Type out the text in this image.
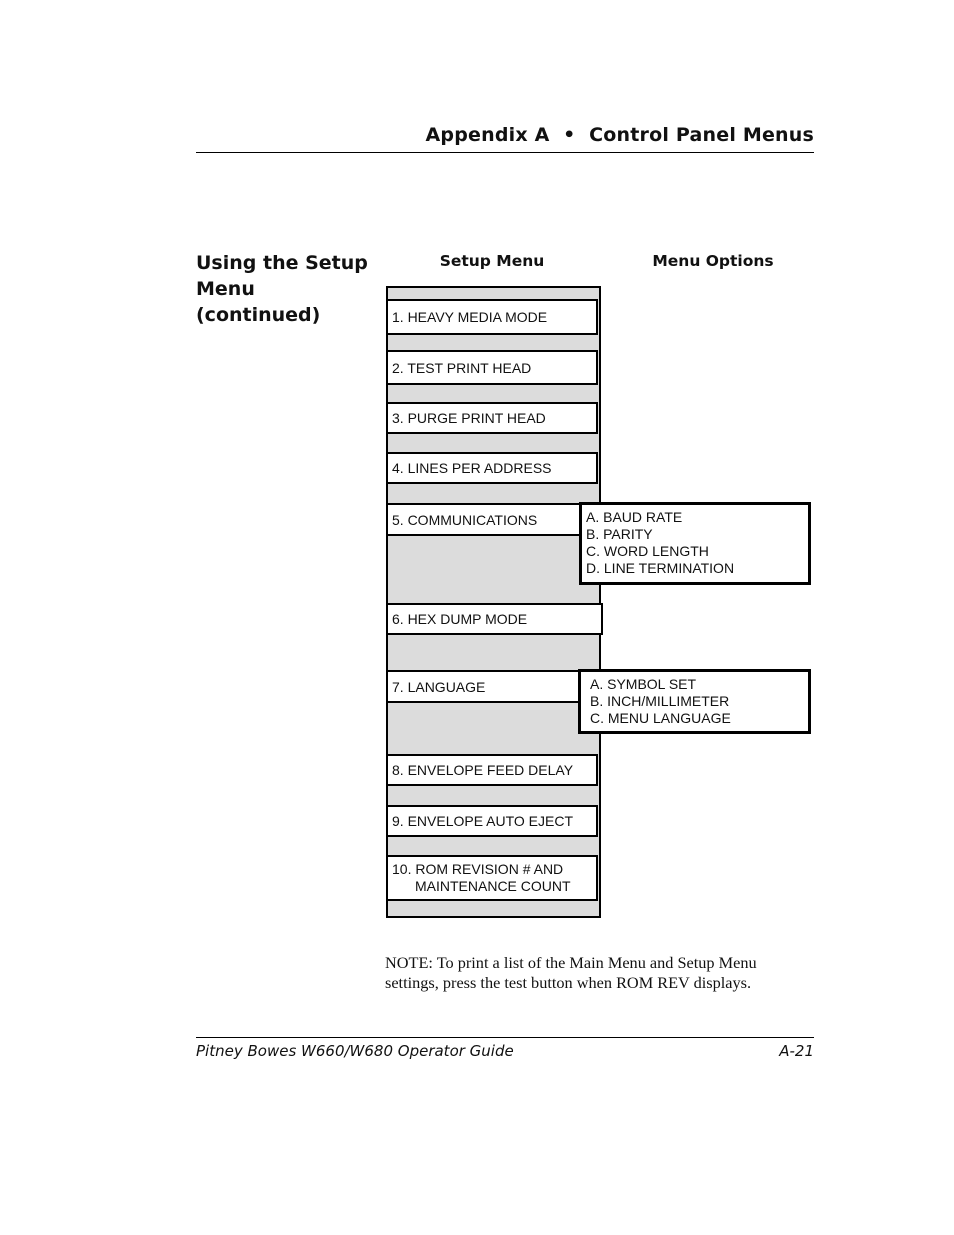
Appendix A  •  Control Panel Menus
Using the Setup
Menu
(continued)
Setup Menu	Menu Options
1. HEAVY MEDIA MODE
2. TEST PRINT HEAD
3. PURGE PRINT HEAD
4. LINES PER ADDRESS
5. COMMUNICATIONS
6. HEX DUMP MODE
7. LANGUAGE
8. ENVELOPE FEED DELAY
9. ENVELOPE AUTO EJECT
10. ROM REVISION # AND
MAINTENANCE COUNT
A. BAUD RATE
B. PARITY
C. WORD LENGTH
D. LINE TERMINATION
A. SYMBOL SET
B. INCH/MILLIMETER
C. MENU LANGUAGE
NOTE: To print a list of the Main Menu and Setup Menu settings, press the test button when ROM REV displays.
Pitney Bowes W660/W680 Operator Guide	A-21
